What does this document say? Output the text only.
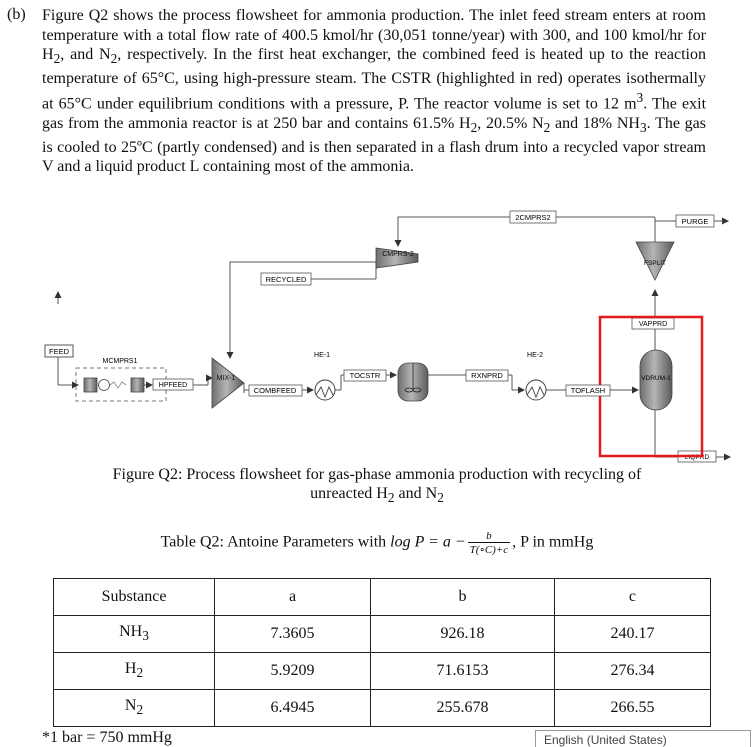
(b) Figure Q2 shows the process flowsheet for ammonia production. The inlet feed stream enters at room temperature with a total flow rate of 400.5 kmol/hr (30,051 tonne/year) with 300, and 100 kmol/hr for $H_2$, and $N_2$, respectively. In the first heat exchanger, the combined feed is heated up to the reaction temperature of 65°C, using high-pressure steam. The CSTR (highlighted in red) operates isothermally at 65°C under equilibrium conditions with a pressure, P. The reactor volume is set to 12 $m^3$. The exit gas from the ammonia reactor is at 250 bar and contains 61.5% $H_2$, 20.5% $N_2$ and 18% $NH_3$. The gas is cooled to 25ºC (partly condensed) and is then separated in a flash drum into a recycled vapor stream V and a liquid product L containing most of the ammonia.

FEED
MCMPRS1
HPFEED
MIX-1
RECYCLED
CMPRS-2
2CMPRS2
FSPLIT
PURGE
VAPPRD
VDRUM-1
LIQPRD
COMBFEED
HE-1
TOCSTR	RXNPRD
HE-2
TOFLASH
Figure Q2: Process flowsheet for gas-phase ammonia production with recycling of
unreacted $H_2$ and $N_2$
Table Q2: Antoine Parameters with $\log P = a - \frac{b}{T(\circ C)+c}$ , P in mmHg
Substance	a	b	c
$NH_3$	7.3605	926.18	240.17
$H_2$	5.9209	71.6153	276.34
$N_2$	6.4945	255.678	266.55
*1 bar = 750 mmHg	English (United States)
